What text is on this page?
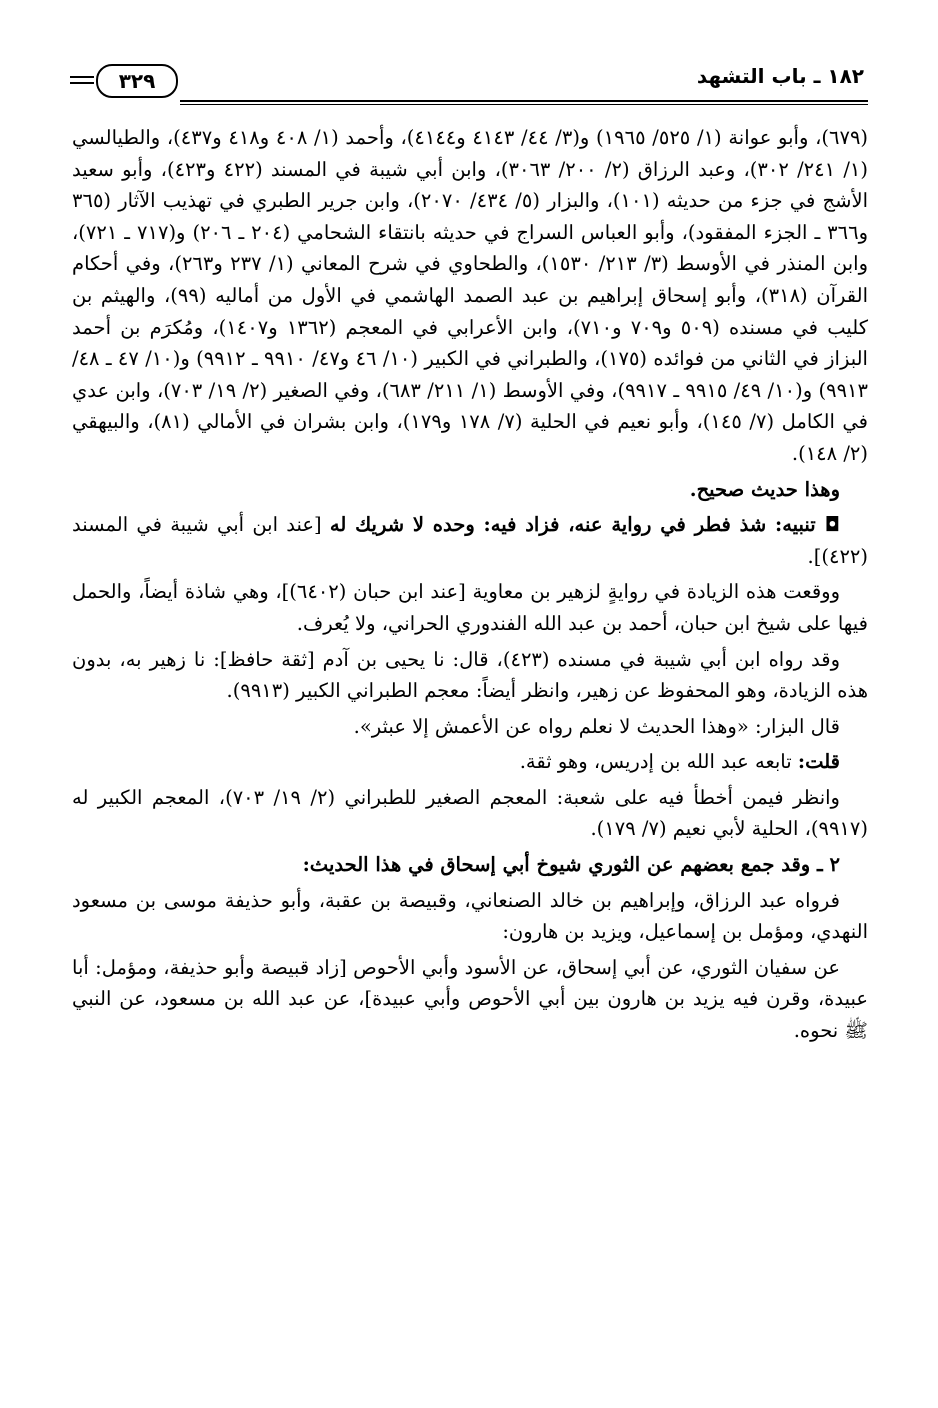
٣٢٩	١٨٢ ـ باب التشهد

(٦٧٩)، وأبو عوانة (١/ ٥٢٥/ ١٩٦٥) و(٣/ ٤٤/ ٤١٤٣ و٤١٤٤)، وأحمد (١/ ٤٠٨ و٤١٨ و٤٣٧)، والطيالسي (١/ ٢٤١/ ٣٠٢)، وعبد الرزاق (٢/ ٢٠٠/ ٣٠٦٣)، وابن أبي شيبة في المسند (٤٢٢ و٤٢٣)، وأبو سعيد الأشج في جزء من حديثه (١٠١)، والبزار (٥/ ٤٣٤/ ٢٠٧٠)، وابن جرير الطبري في تهذيب الآثار (٣٦٥ و٣٦٦ ـ الجزء المفقود)، وأبو العباس السراج في حديثه بانتقاء الشحامي (٢٠٤ ـ ٢٠٦) و(٧١٧ ـ ٧٢١)، وابن المنذر في الأوسط (٣/ ٢١٣/ ١٥٣٠)، والطحاوي في شرح المعاني (١/ ٢٣٧ و٢٦٣)، وفي أحكام القرآن (٣١٨)، وأبو إسحاق إبراهيم بن عبد الصمد الهاشمي في الأول من أماليه (٩٩)، والهيثم بن كليب في مسنده (٥٠٩ و٧٠٩ و٧١٠)، وابن الأعرابي في المعجم (١٣٦٢ و١٤٠٧)، ومُكرَم بن أحمد البزاز في الثاني من فوائده (١٧٥)، والطبراني في الكبير (١٠/ ٤٦ و٤٧/ ٩٩١٠ ـ ٩٩١٢) و(١٠/ ٤٧ ـ ٤٨/ ٩٩١٣) و(١٠/ ٤٩/ ٩٩١٥ ـ ٩٩١٧)، وفي الأوسط (١/ ٢١١/ ٦٨٣)، وفي الصغير (٢/ ١٩/ ٧٠٣)، وابن عدي في الكامل (٧/ ١٤٥)، وأبو نعيم في الحلية (٧/ ١٧٨ و١٧٩)، وابن بشران في الأمالي (٨١)، والبيهقي (٢/ ١٤٨).

وهذا حديث صحيح.

◘ تنبيه: شذ فطر في رواية عنه، فزاد فيه: وحده لا شريك له [عند ابن أبي شيبة في المسند (٤٢٢)].

ووقعت هذه الزيادة في روايةٍ لزهير بن معاوية [عند ابن حبان (٦٤٠٢)]، وهي شاذة أيضاً، والحمل فيها على شيخ ابن حبان، أحمد بن عبد الله الفندوري الحراني، ولا يُعرف.

وقد رواه ابن أبي شيبة في مسنده (٤٢٣)، قال: نا يحيى بن آدم [ثقة حافظ]: نا زهير به، بدون هذه الزيادة، وهو المحفوظ عن زهير، وانظر أيضاً: معجم الطبراني الكبير (٩٩١٣).

قال البزار: «وهذا الحديث لا نعلم رواه عن الأعمش إلا عبثر».

قلت: تابعه عبد الله بن إدريس، وهو ثقة.

وانظر فيمن أخطأ فيه على شعبة: المعجم الصغير للطبراني (٢/ ١٩/ ٧٠٣)، المعجم الكبير له (٩٩١٧)، الحلية لأبي نعيم (٧/ ١٧٩).

٢ ـ وقد جمع بعضهم عن الثوري شيوخ أبي إسحاق في هذا الحديث:

فرواه عبد الرزاق، وإبراهيم بن خالد الصنعاني، وقبيصة بن عقبة، وأبو حذيفة موسى بن مسعود النهدي، ومؤمل بن إسماعيل، ويزيد بن هارون:

عن سفيان الثوري، عن أبي إسحاق، عن الأسود وأبي الأحوص [زاد قبيصة وأبو حذيفة، ومؤمل: أبا عبيدة، وقرن فيه يزيد بن هارون بين أبي الأحوص وأبي عبيدة]، عن عبد الله بن مسعود، عن النبي ﷺ نحوه.
